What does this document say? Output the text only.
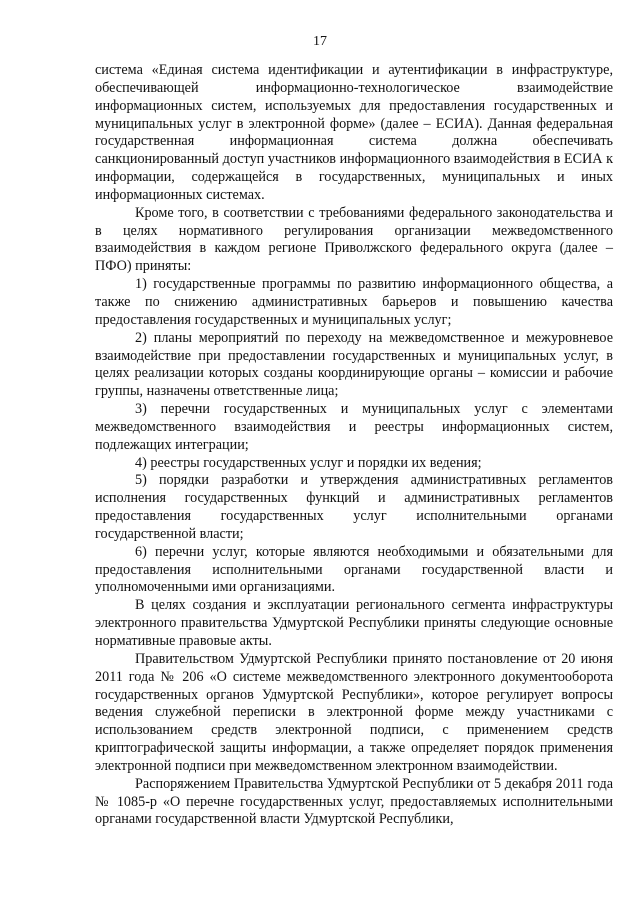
17

система «Единая система идентификации и аутентификации в инфраструктуре, обеспечивающей информационно-технологическое взаимодействие информационных систем, используемых для предоставления государственных и муниципальных услуг в электронной форме» (далее – ЕСИА). Данная федеральная государственная информационная система должна обеспечивать санкционированный доступ участников информационного взаимодействия в ЕСИА к информации, содержащейся в государственных, муниципальных и иных информационных системах.

Кроме того, в соответствии с требованиями федерального законодательства и в целях нормативного регулирования организации межведомственного взаимодействия в каждом регионе Приволжского федерального округа (далее – ПФО) приняты:

1) государственные программы по развитию информационного общества, а также по снижению административных барьеров и повышению качества предоставления государственных и муниципальных услуг;

2) планы мероприятий по переходу на межведомственное и межуровневое взаимодействие при предоставлении государственных и муниципальных услуг, в целях реализации которых созданы координирующие органы – комиссии и рабочие группы, назначены ответственные лица;

3) перечни государственных и муниципальных услуг с элементами межведомственного взаимодействия и реестры информационных систем, подлежащих интеграции;

4) реестры государственных услуг и порядки их ведения;

5) порядки разработки и утверждения административных регламентов исполнения государственных функций и административных регламентов предоставления государственных услуг исполнительными органами государственной власти;

6) перечни услуг, которые являются необходимыми и обязательными для предоставления исполнительными органами государственной власти и уполномоченными ими организациями.

В целях создания и эксплуатации регионального сегмента инфраструктуры электронного правительства Удмуртской Республики приняты следующие основные нормативные правовые акты.

Правительством Удмуртской Республики принято постановление от 20 июня 2011 года № 206 «О системе межведомственного электронного документооборота государственных органов Удмуртской Республики», которое регулирует вопросы ведения служебной переписки в электронной форме между участниками с использованием средств электронной подписи, с применением средств криптографической защиты информации, а также определяет порядок применения электронной подписи при межведомственном электронном взаимодействии.

Распоряжением Правительства Удмуртской Республики от 5 декабря 2011 года № 1085-р «О перечне государственных услуг, предоставляемых исполнительными органами государственной власти Удмуртской Республики,
